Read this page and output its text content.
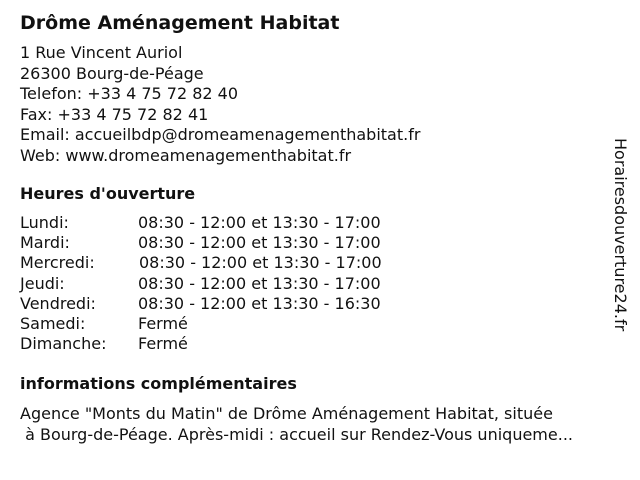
Drôme Aménagement Habitat
1 Rue Vincent Auriol
26300 Bourg-de-Péage
Telefon: +33 4 75 72 82 40
Fax: +33 4 75 72 82 41
Email: accueilbdp@dromeamenagementhabitat.fr
Web: www.dromeamenagementhabitat.fr
Heures d'ouverture
Lundi:	08:30 - 12:00 et 13:30 - 17:00
Mardi:	08:30 - 12:00 et 13:30 - 17:00
Mercredi:	08:30 - 12:00 et 13:30 - 17:00
Jeudi:	08:30 - 12:00 et 13:30 - 17:00
Vendredi:	08:30 - 12:00 et 13:30 - 16:30
Samedi:	Fermé
Dimanche: Fermé
informations complémentaires
Agence "Monts du Matin" de Drôme Aménagement Habitat, située
à Bourg-de-Péage. Après-midi : accueil sur Rendez-Vous uniqueme...
Horairesdouverture24.fr
